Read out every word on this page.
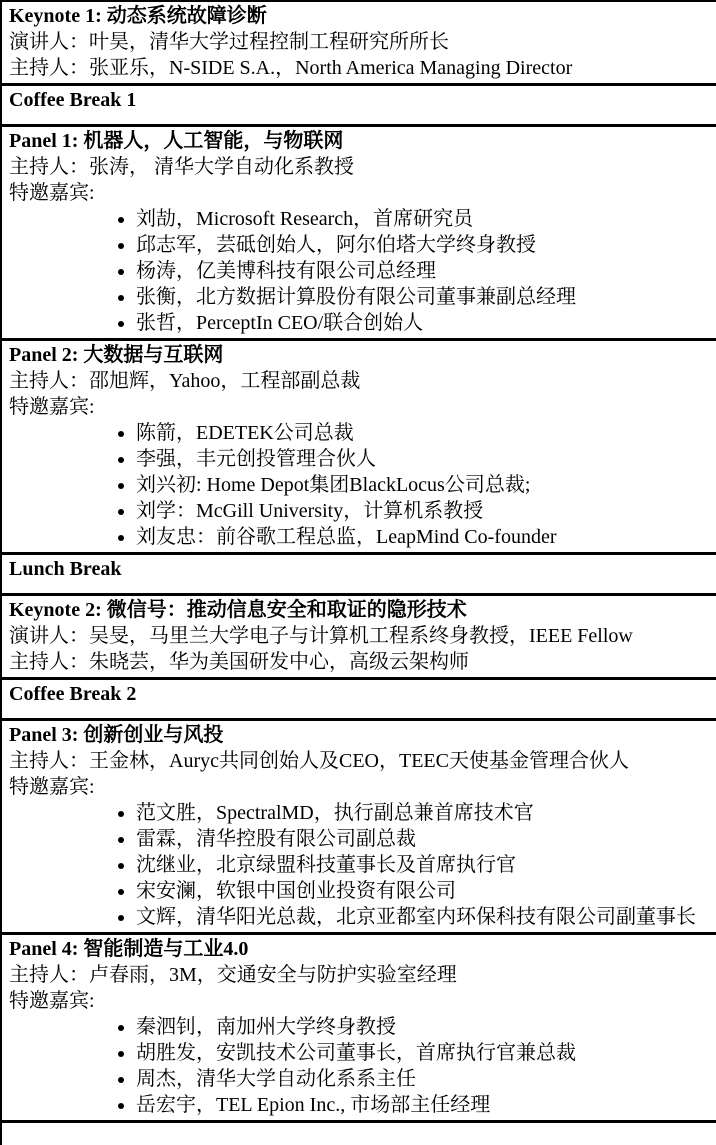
Keynote 1: 动态系统故障诊断
演讲人：叶昊，清华大学过程控制工程研究所所长
主持人：张亚乐，N-SIDE S.A.，North America Managing Director
Coffee Break 1
Panel 1: 机器人，人工智能，与物联网
主持人：张涛， 清华大学自动化系教授
特邀嘉宾:
• 刘劼，Microsoft Research，首席研究员
• 邱志军，芸砥创始人，阿尔伯塔大学终身教授
• 杨涛，亿美博科技有限公司总经理
• 张衡，北方数据计算股份有限公司董事兼副总经理
• 张哲，PerceptIn CEO/联合创始人
Panel 2: 大数据与互联网
主持人：邵旭辉，Yahoo，工程部副总裁
特邀嘉宾:
• 陈箭，EDETEK公司总裁
• 李强，丰元创投管理合伙人
• 刘兴初: Home Depot集团BlackLocus公司总裁;
• 刘学：McGill University，计算机系教授
• 刘友忠：前谷歌工程总监，LeapMind Co-founder
Lunch Break
Keynote 2: 微信号：推动信息安全和取证的隐形技术
演讲人：吴旻，马里兰大学电子与计算机工程系终身教授，IEEE Fellow
主持人：朱晓芸，华为美国研发中心，高级云架构师
Coffee Break 2
Panel 3: 创新创业与风投
主持人：王金林，Auryc共同创始人及CEO，TEEC天使基金管理合伙人
特邀嘉宾:
• 范文胜，SpectralMD，执行副总兼首席技术官
• 雷霖，清华控股有限公司副总裁
• 沈继业，北京绿盟科技董事长及首席执行官
• 宋安澜，软银中国创业投资有限公司
• 文辉，清华阳光总裁，北京亚都室内环保科技有限公司副董事长
Panel 4: 智能制造与工业4.0
主持人：卢春雨，3M，交通安全与防护实验室经理
特邀嘉宾:
• 秦泗钊，南加州大学终身教授
• 胡胜发，安凯技术公司董事长，首席执行官兼总裁
• 周杰，清华大学自动化系系主任
• 岳宏宇，TEL Epion Inc., 市场部主任经理
